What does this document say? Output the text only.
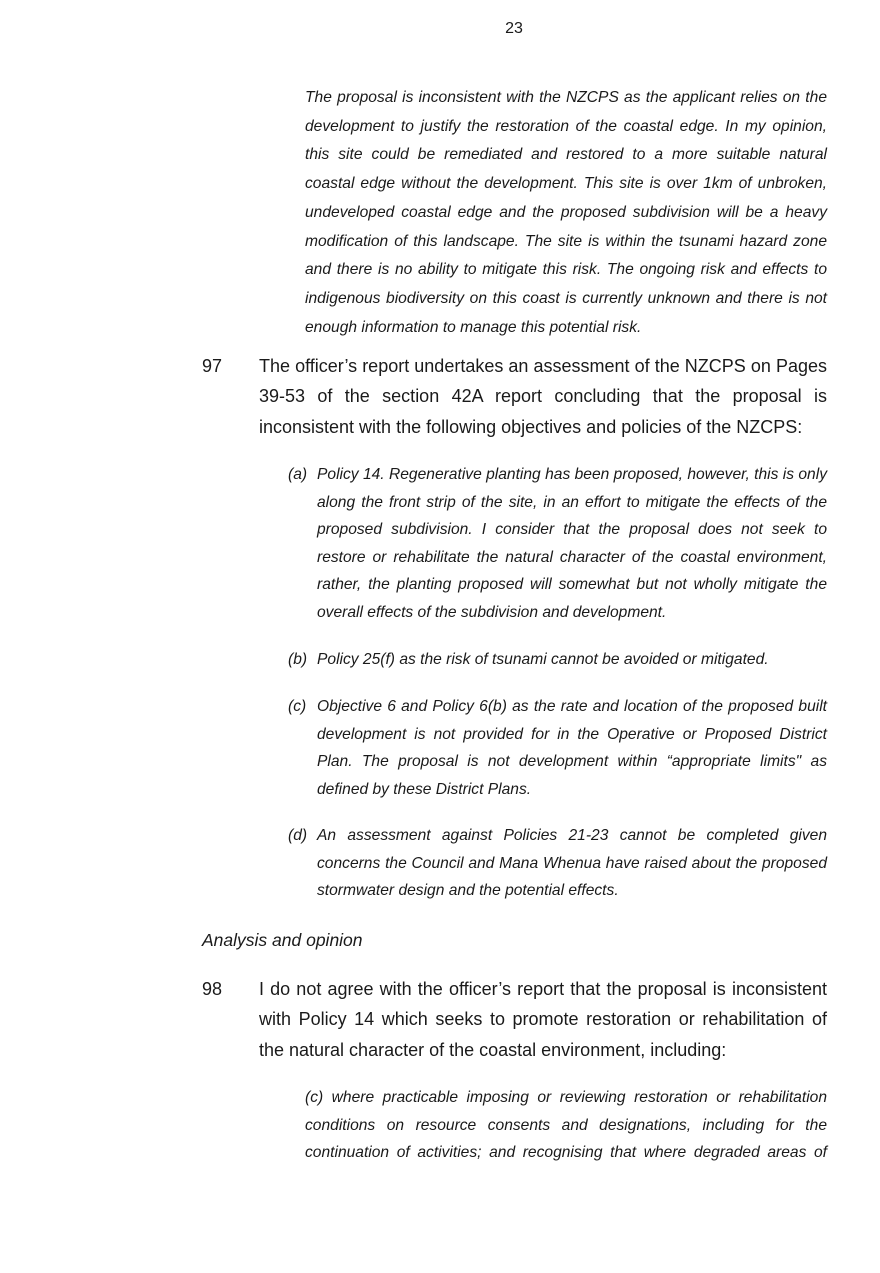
23
The proposal is inconsistent with the NZCPS as the applicant relies on the development to justify the restoration of the coastal edge. In my opinion, this site could be remediated and restored to a more suitable natural coastal edge without the development. This site is over 1km of unbroken, undeveloped coastal edge and the proposed subdivision will be a heavy modification of this landscape. The site is within the tsunami hazard zone and there is no ability to mitigate this risk. The ongoing risk and effects to indigenous biodiversity on this coast is currently unknown and there is not enough information to manage this potential risk.
97 The officer’s report undertakes an assessment of the NZCPS on Pages 39-53 of the section 42A report concluding that the proposal is inconsistent with the following objectives and policies of the NZCPS:
(a) Policy 14. Regenerative planting has been proposed, however, this is only along the front strip of the site, in an effort to mitigate the effects of the proposed subdivision. I consider that the proposal does not seek to restore or rehabilitate the natural character of the coastal environment, rather, the planting proposed will somewhat but not wholly mitigate the overall effects of the subdivision and development.
(b) Policy 25(f) as the risk of tsunami cannot be avoided or mitigated.
(c) Objective 6 and Policy 6(b) as the rate and location of the proposed built development is not provided for in the Operative or Proposed District Plan. The proposal is not development within “appropriate limits" as defined by these District Plans.
(d) An assessment against Policies 21-23 cannot be completed given concerns the Council and Mana Whenua have raised about the proposed stormwater design and the potential effects.
Analysis and opinion
98 I do not agree with the officer’s report that the proposal is inconsistent with Policy 14 which seeks to promote restoration or rehabilitation of the natural character of the coastal environment, including:
(c) where practicable imposing or reviewing restoration or rehabilitation conditions on resource consents and designations, including for the continuation of activities; and recognising that where degraded areas of
